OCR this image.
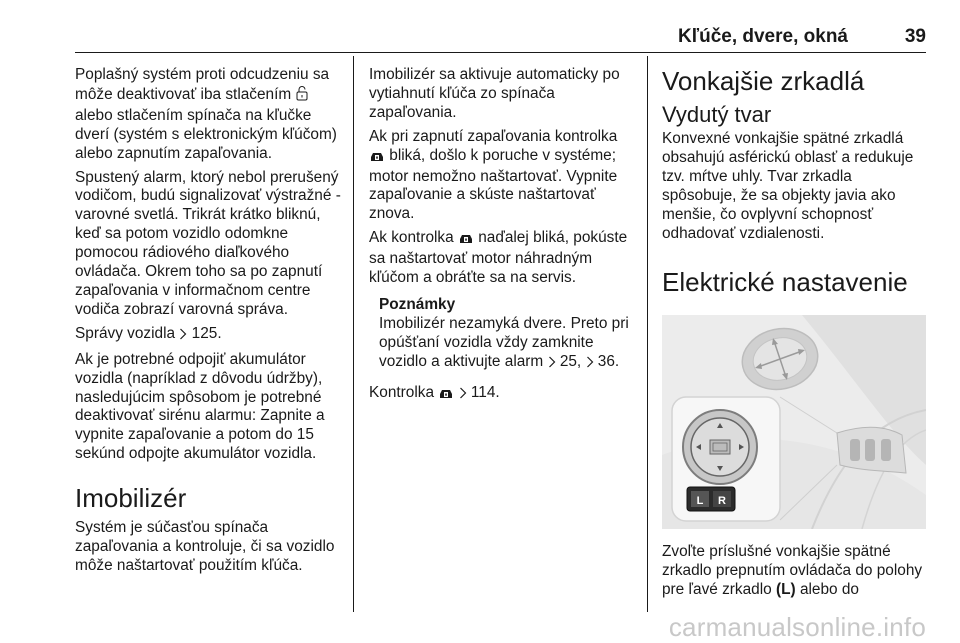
Kľúče, dvere, okná	39

Poplašný systém proti odcudzeniu sa môže deaktivovať iba stlačením  alebo stlačením spínača na kľučke dverí (systém s elektronickým kľúčom) alebo zapnutím zapaľovania.

Spustený alarm, ktorý nebol prerušený vodičom, budú signalizovať výstražné - varovné svetlá. Trikrát krátko bliknú, keď sa potom vozidlo odomkne pomocou rádiového diaľkového ovládača. Okrem toho sa po zapnutí zapaľovania v informačnom centre vodiča zobrazí varovná správa.

Správy vozidla 125.

Ak je potrebné odpojiť akumulátor vozidla (napríklad z dôvodu údržby), nasledujúcim spôsobom je potrebné deaktivovať sirénu alarmu: Zapnite a vypnite zapaľovanie a potom do 15 sekúnd odpojte akumulátor vozidla.

Imobilizér

Systém je súčasťou spínača zapaľovania a kontroluje, či sa vozidlo môže naštartovať použitím kľúča.

Imobilizér sa aktivuje automaticky po vytiahnutí kľúča zo spínača zapaľovania.

Ak pri zapnutí zapaľovania kontrolka  bliká, došlo k poruche v systéme; motor nemožno naštartovať. Vypnite zapaľovanie a skúste naštartovať znova.

Ak kontrolka naďalej bliká, pokúste sa naštartovať motor náhradným kľúčom a obráťte sa na servis.

Poznámky
Imobilizér nezamyká dvere. Preto pri opúšťaní vozidla vždy zamknite vozidlo a aktivujte alarm 25, 36.

Kontrolka 114.

Vonkajšie zrkadlá
Vydutý tvar

Konvexné vonkajšie spätné zrkadlá obsahujú asférickú oblasť a redukuje tzv. mŕtve uhly. Tvar zrkadla spôsobuje, že sa objekty javia ako menšie, čo ovplyvní schopnosť odhadovať vzdialenosti.

Elektrické nastavenie
L R

Zvoľte príslušné vonkajšie spätné zrkadlo prepnutím ovládača do polohy pre ľavé zrkadlo (L) alebo do

carmanualsonline.info
